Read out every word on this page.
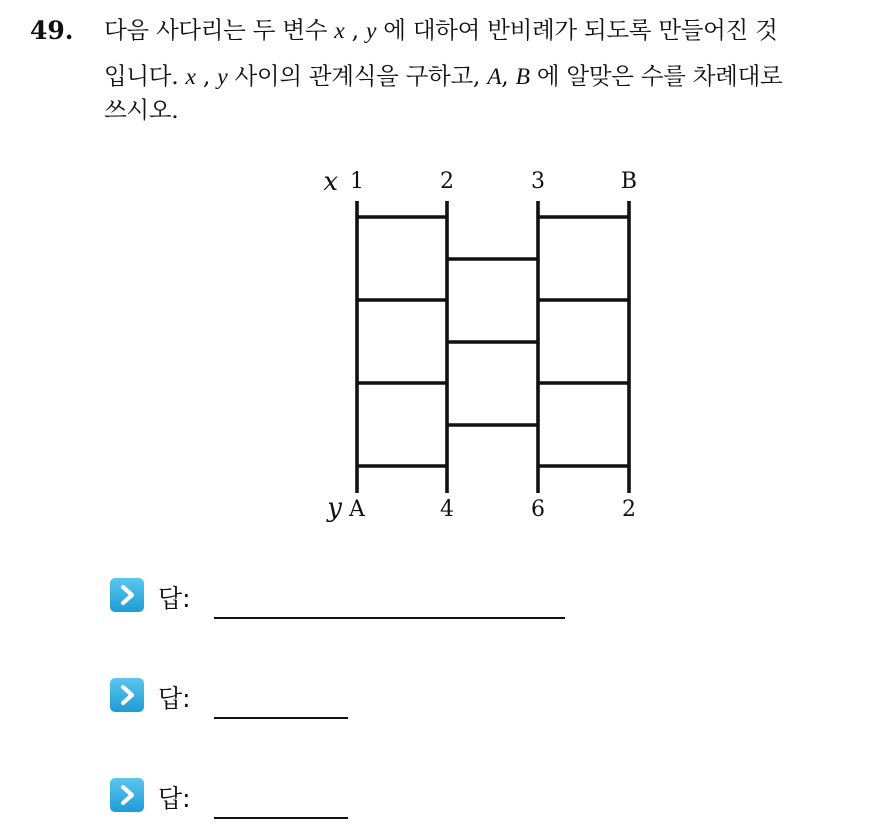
49. 다음 사다리는 두 변수 x , y 에 대하여 반비례가 되도록 만들어진 것
입니다. x , y 사이의 관계식을 구하고, A, B 에 알맞은 수를 차례대로
쓰시오.
x 1	2	3	B
y A	4	6	2
답:
답:
답:
